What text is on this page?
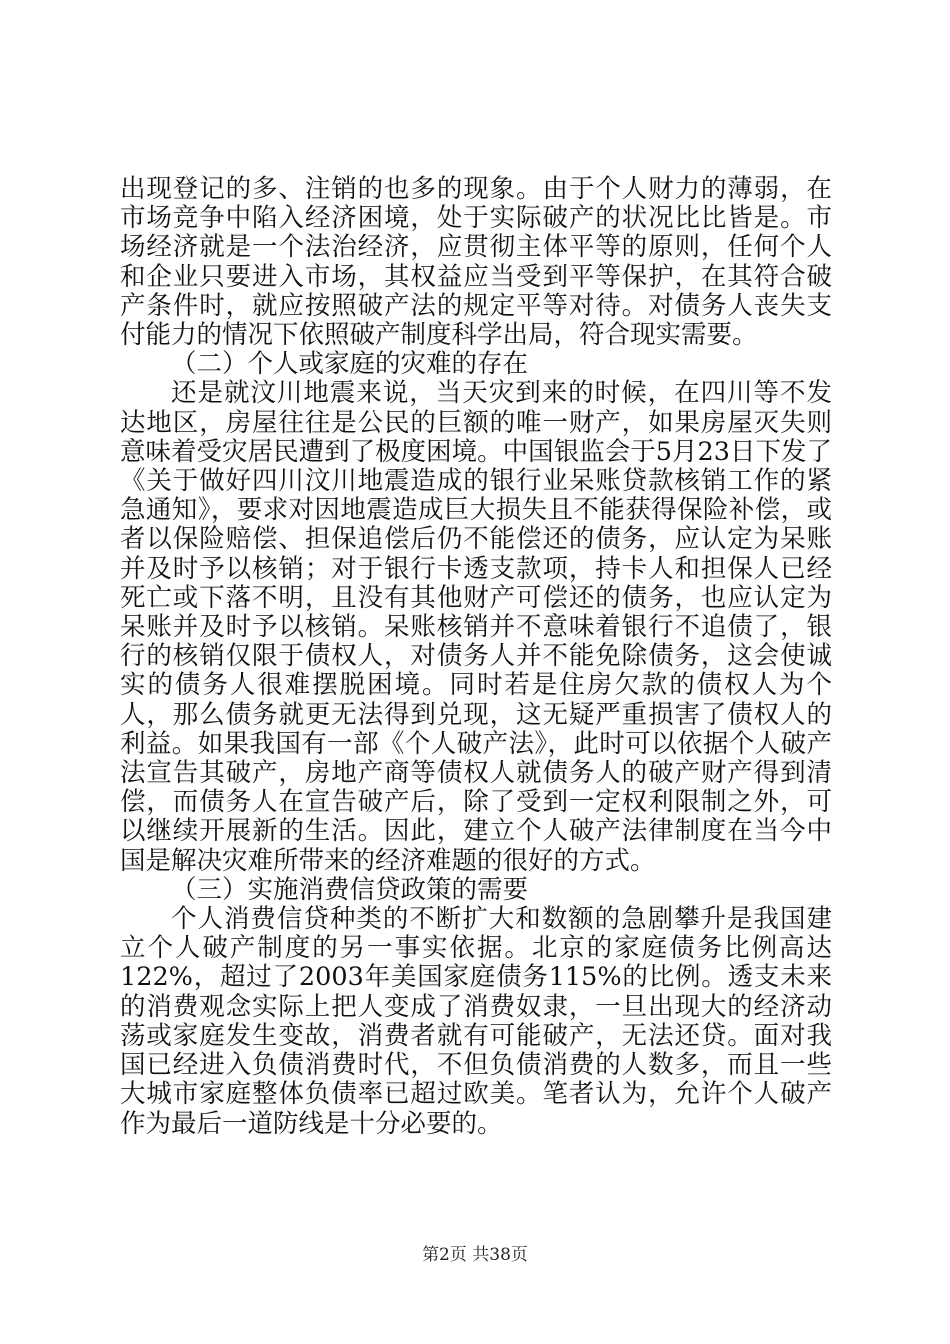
出现登记的多、注销的也多的现象。由于个人财力的薄弱，在市场竞争中陷入经济困境，处于实际破产的状况比比皆是。市场经济就是一个法治经济，应贯彻主体平等的原则，任何个人和企业只要进入市场，其权益应当受到平等保护，在其符合破产条件时，就应按照破产法的规定平等对待。对债务人丧失支付能力的情况下依照破产制度科学出局，符合现实需要。

（二）个人或家庭的灾难的存在

还是就汶川地震来说，当天灾到来的时候，在四川等不发达地区，房屋往往是公民的巨额的唯一财产，如果房屋灭失则意味着受灾居民遭到了极度困境。中国银监会于5月23日下发了《关于做好四川汶川地震造成的银行业呆账贷款核销工作的紧急通知》，要求对因地震造成巨大损失且不能获得保险补偿，或者以保险赔偿、担保追偿后仍不能偿还的债务，应认定为呆账并及时予以核销；对于银行卡透支款项，持卡人和担保人已经死亡或下落不明，且没有其他财产可偿还的债务，也应认定为呆账并及时予以核销。呆账核销并不意味着银行不追债了，银行的核销仅限于债权人，对债务人并不能免除债务，这会使诚实的债务人很难摆脱困境。同时若是住房欠款的债权人为个人，那么债务就更无法得到兑现，这无疑严重损害了债权人的利益。如果我国有一部《个人破产法》，此时可以依据个人破产法宣告其破产，房地产商等债权人就债务人的破产财产得到清偿，而债务人在宣告破产后，除了受到一定权利限制之外，可以继续开展新的生活。因此，建立个人破产法律制度在当今中国是解决灾难所带来的经济难题的很好的方式。

（三）实施消费信贷政策的需要

个人消费信贷种类的不断扩大和数额的急剧攀升是我国建立个人破产制度的另一事实依据。北京的家庭债务比例高达122%，超过了2003年美国家庭债务115%的比例。透支未来的消费观念实际上把人变成了消费奴隶，一旦出现大的经济动荡或家庭发生变故，消费者就有可能破产，无法还贷。面对我国已经进入负债消费时代，不但负债消费的人数多，而且一些大城市家庭整体负债率已超过欧美。笔者认为，允许个人破产作为最后一道防线是十分必要的。

第2页 共38页
